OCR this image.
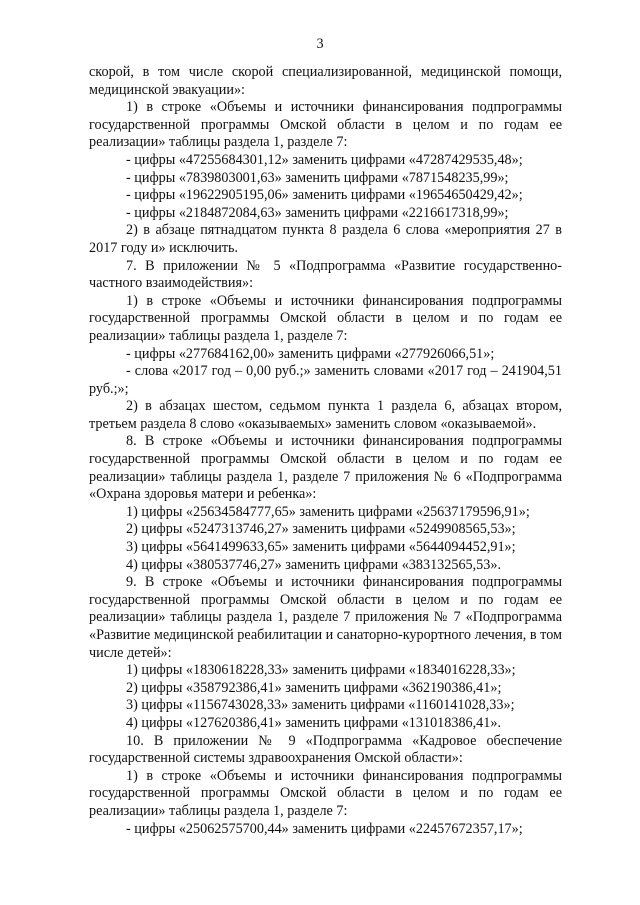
3

скорой, в том числе скорой специализированной, медицинской помощи, медицинской эвакуации»:

1) в строке «Объемы и источники финансирования подпрограммы государственной программы Омской области в целом и по годам ее реализации» таблицы раздела 1, разделе 7:

- цифры «47255684301,12» заменить цифрами «47287429535,48»;

- цифры «7839803001,63» заменить цифрами «7871548235,99»;

- цифры «19622905195,06» заменить цифрами «19654650429,42»;

- цифры «2184872084,63» заменить цифрами «2216617318,99»;

2) в абзаце пятнадцатом пункта 8 раздела 6 слова «мероприятия 27 в 2017 году и» исключить.

7. В приложении № 5 «Подпрограмма «Развитие государственно-частного взаимодействия»:

1) в строке «Объемы и источники финансирования подпрограммы государственной программы Омской области в целом и по годам ее реализации» таблицы раздела 1, разделе 7:

- цифры «277684162,00» заменить цифрами «277926066,51»;

- слова «2017 год – 0,00 руб.;» заменить словами «2017 год – 241904,51 руб.;»;

2) в абзацах шестом, седьмом пункта 1 раздела 6, абзацах втором, третьем раздела 8 слово «оказываемых» заменить словом «оказываемой».

8. В строке «Объемы и источники финансирования подпрограммы государственной программы Омской области в целом и по годам ее реализации» таблицы раздела 1, разделе 7 приложения № 6 «Подпрограмма «Охрана здоровья матери и ребенка»:

1) цифры «25634584777,65» заменить цифрами «25637179596,91»;

2) цифры «5247313746,27» заменить цифрами «5249908565,53»;

3) цифры «5641499633,65» заменить цифрами «5644094452,91»;

4) цифры «380537746,27» заменить цифрами «383132565,53».

9. В строке «Объемы и источники финансирования подпрограммы государственной программы Омской области в целом и по годам ее реализации» таблицы раздела 1, разделе 7 приложения № 7 «Подпрограмма «Развитие медицинской реабилитации и санаторно-курортного лечения, в том числе детей»:

1) цифры «1830618228,33» заменить цифрами «1834016228,33»;

2) цифры «358792386,41» заменить цифрами «362190386,41»;

3) цифры «1156743028,33» заменить цифрами «1160141028,33»;

4) цифры «127620386,41» заменить цифрами «131018386,41».

10. В приложении № 9 «Подпрограмма «Кадровое обеспечение государственной системы здравоохранения Омской области»:

1) в строке «Объемы и источники финансирования подпрограммы государственной программы Омской области в целом и по годам ее реализации» таблицы раздела 1, разделе 7:

- цифры «25062575700,44» заменить цифрами «22457672357,17»;
